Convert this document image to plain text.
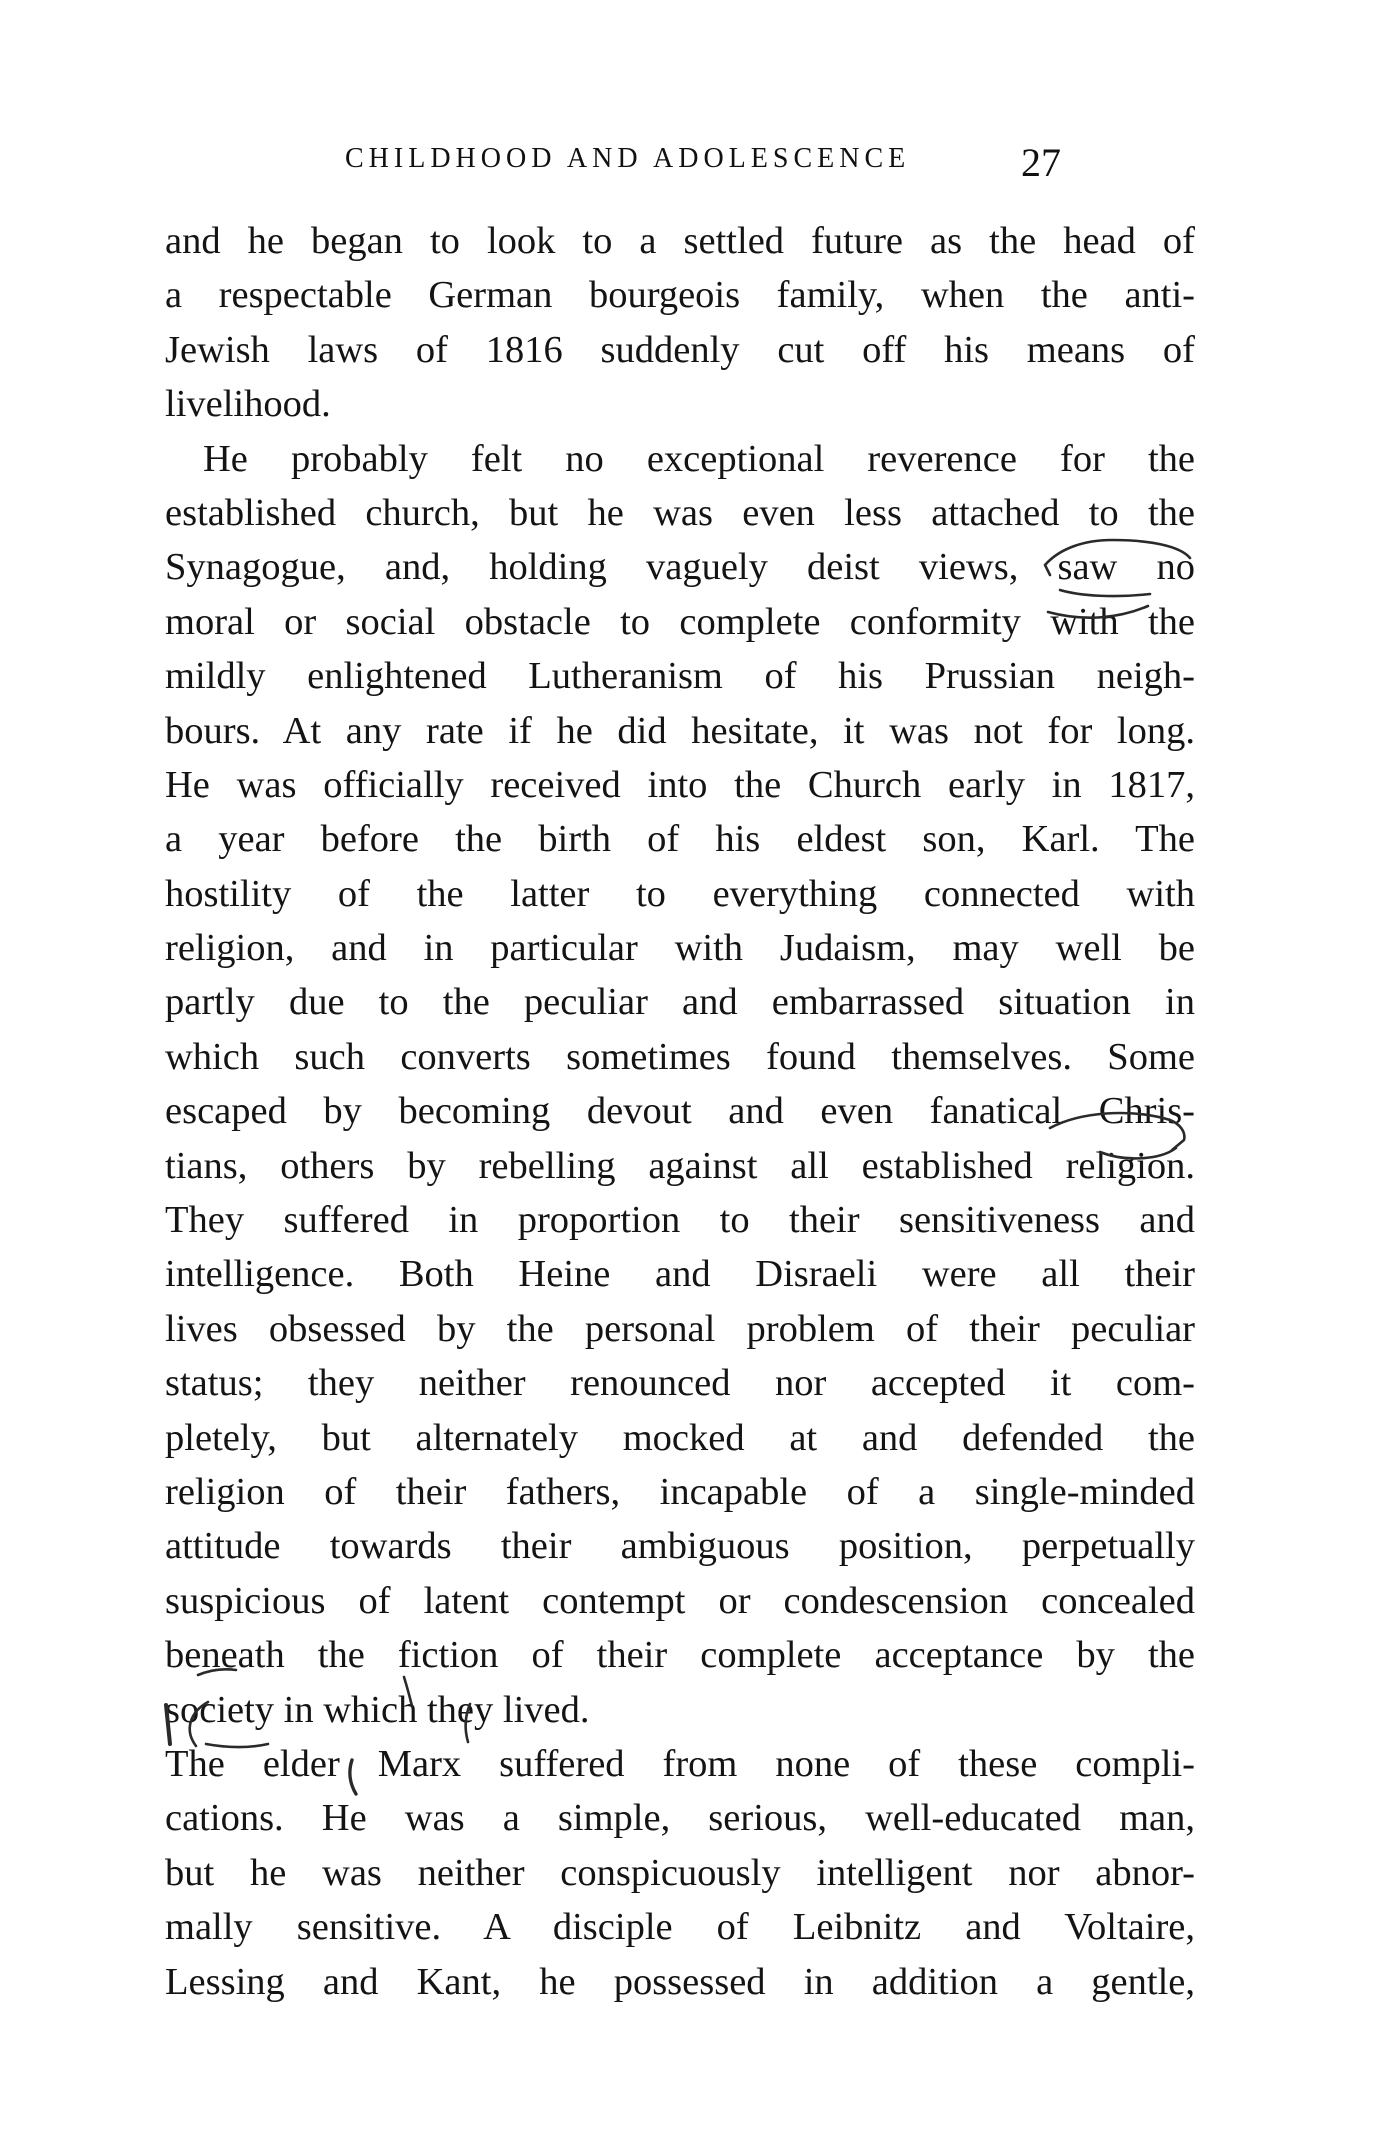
CHILDHOOD AND ADOLESCENCE	27
and he began to look to a settled future as the head of
a respectable German bourgeois family, when the anti-
Jewish laws of 1816 suddenly cut off his means of
livelihood.
He probably felt no exceptional reverence for the
established church, but he was even less attached to the
Synagogue, and, holding vaguely deist views, saw no
moral or social obstacle to complete conformity with the
mildly enlightened Lutheranism of his Prussian neigh-
bours. At any rate if he did hesitate, it was not for long.
He was officially received into the Church early in 1817,
a year before the birth of his eldest son, Karl. The
hostility of the latter to everything connected with
religion, and in particular with Judaism, may well be
partly due to the peculiar and embarrassed situation in
which such converts sometimes found themselves. Some
escaped by becoming devout and even fanatical Chris-
tians, others by rebelling against all established religion.
They suffered in proportion to their sensitiveness and
intelligence. Both Heine and Disraeli were all their
lives obsessed by the personal problem of their peculiar
status; they neither renounced nor accepted it com-
pletely, but alternately mocked at and defended the
religion of their fathers, incapable of a single-minded
attitude towards their ambiguous position, perpetually
suspicious of latent contempt or condescension concealed
beneath the fiction of their complete acceptance by the
society in which they lived.
The elder Marx suffered from none of these compli-
cations. He was a simple, serious, well-educated man,
but he was neither conspicuously intelligent nor abnor-
mally sensitive. A disciple of Leibnitz and Voltaire,
Lessing and Kant, he possessed in addition a gentle,
